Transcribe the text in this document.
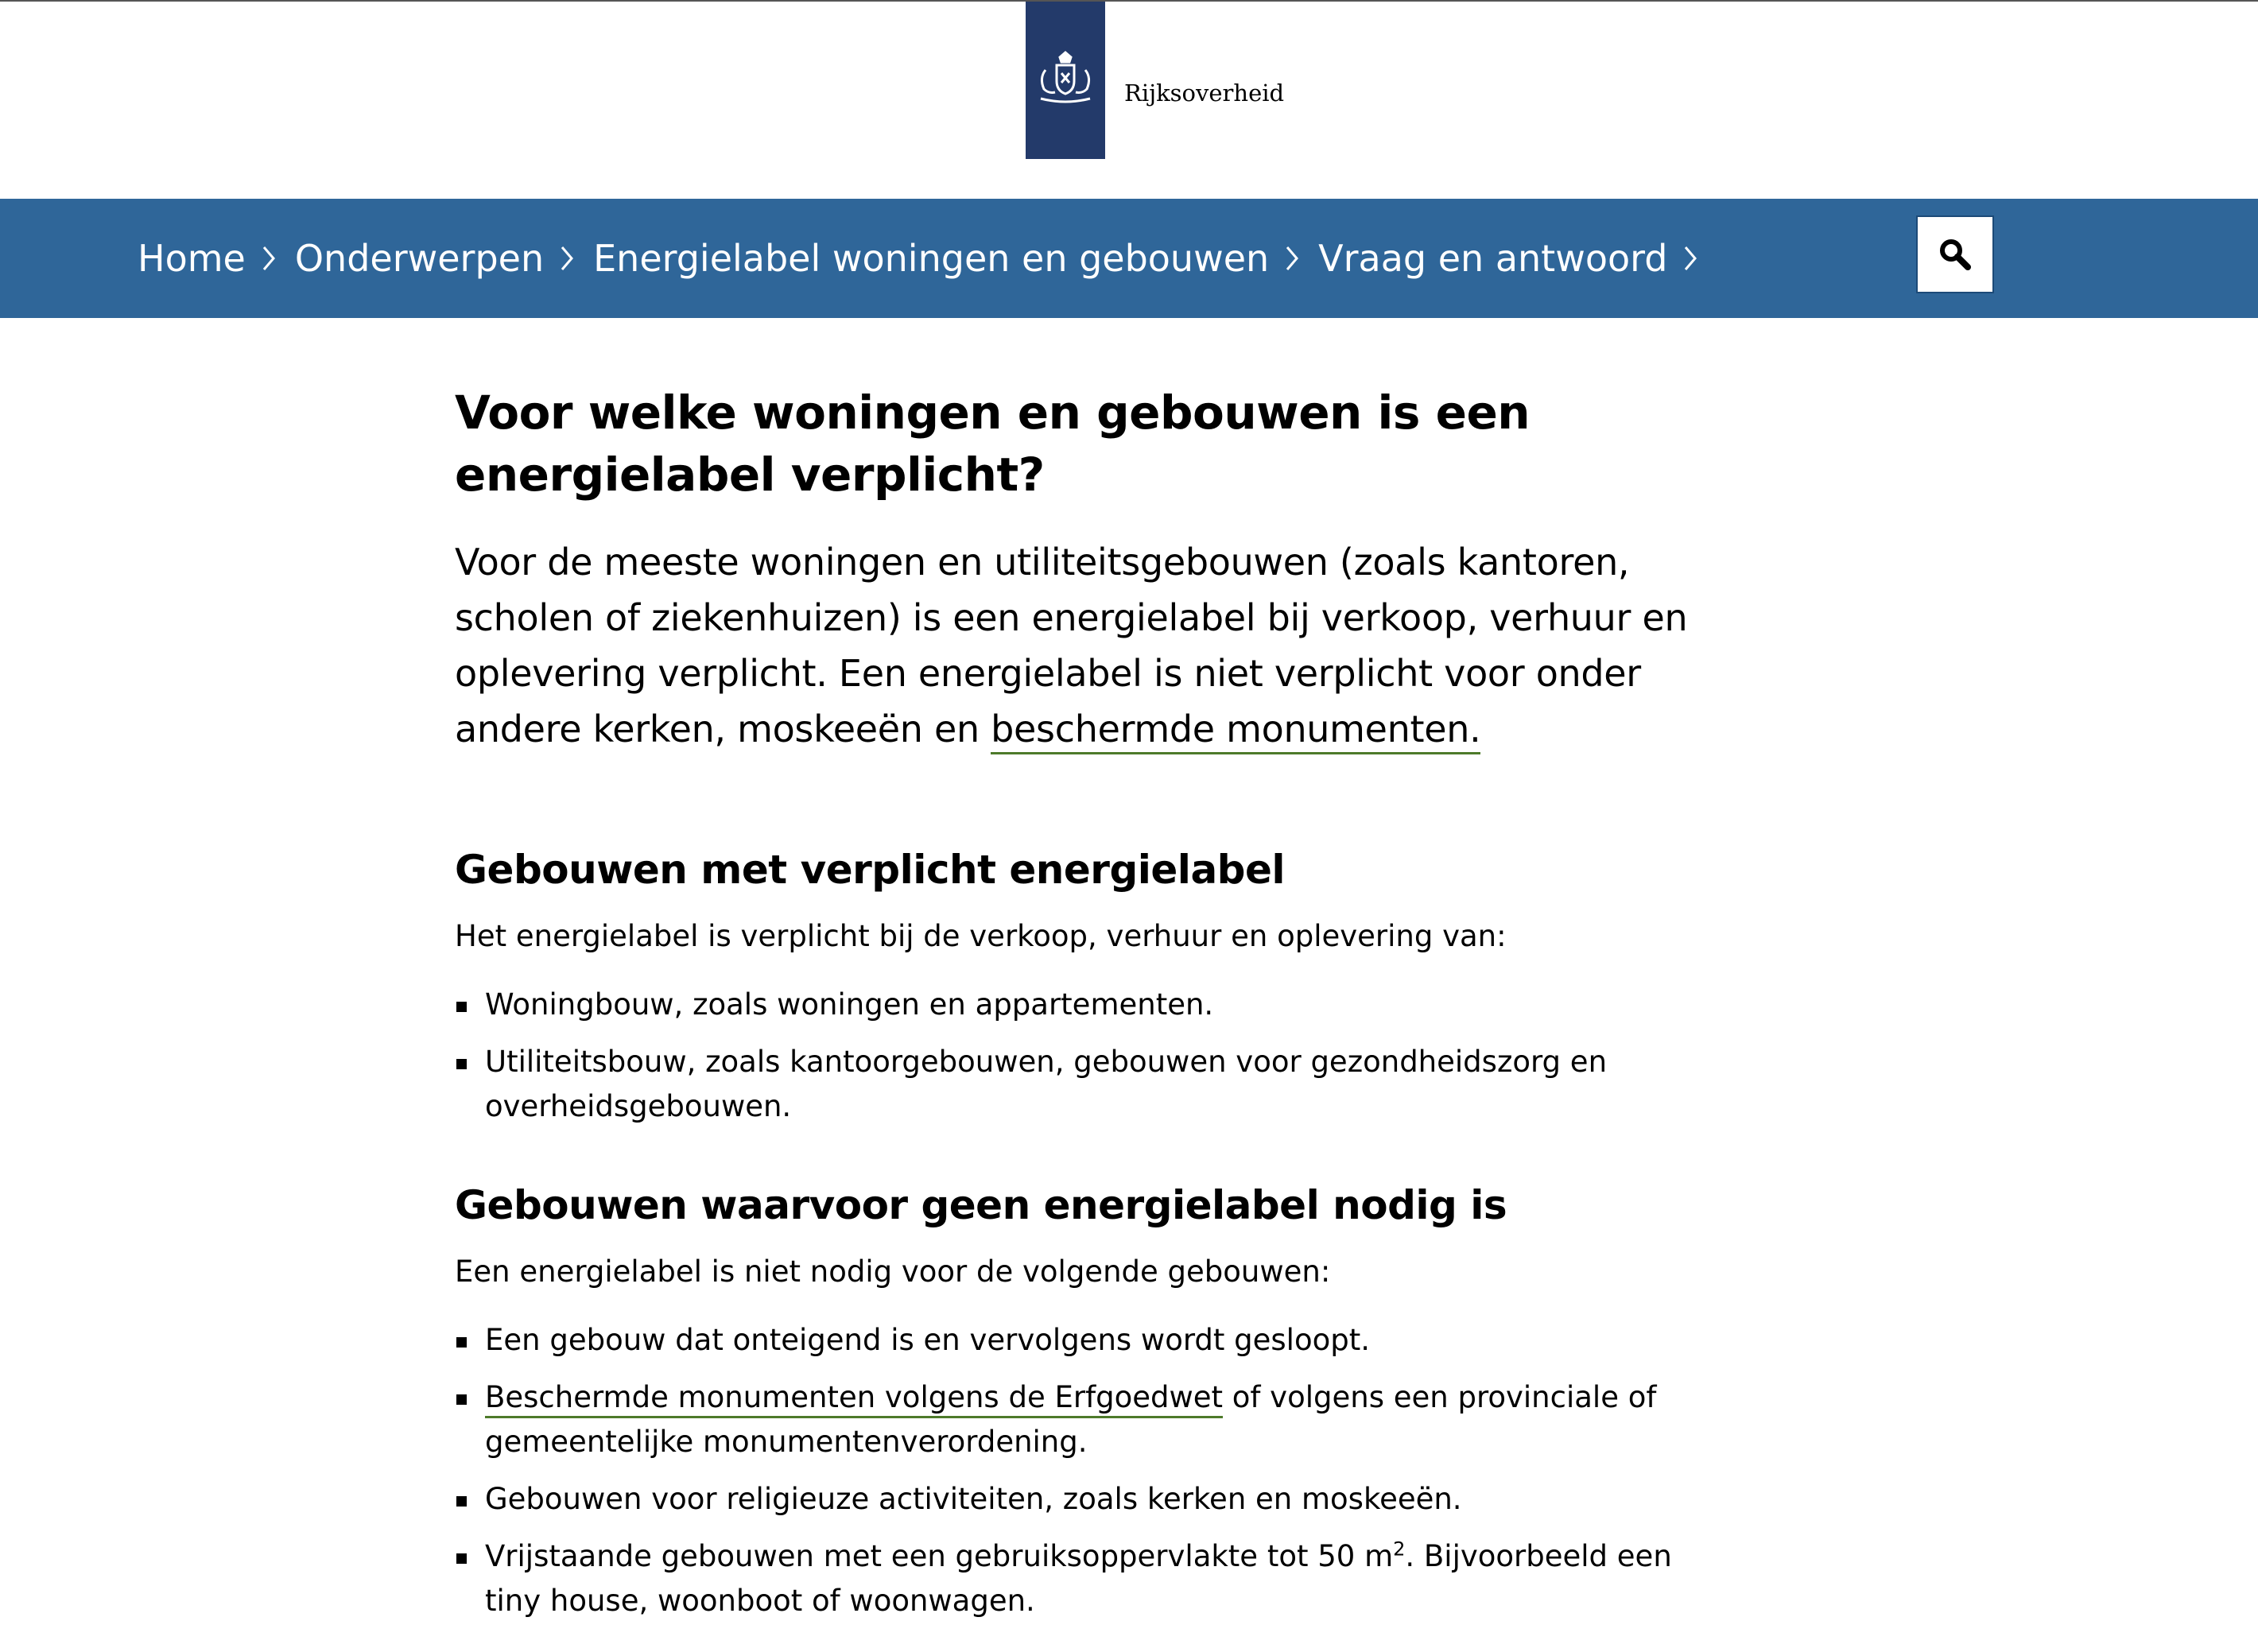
Rijksoverheid
Home Onderwerpen Energielabel woningen en gebouwen Vraag en antwoord
Voor welke woningen en gebouwen is een energielabel verplicht?

Voor de meeste woningen en utiliteitsgebouwen (zoals kantoren, scholen of ziekenhuizen) is een energielabel bij verkoop, verhuur en oplevering verplicht. Een energielabel is niet verplicht voor onder andere kerken, moskeeën en beschermde monumenten.

Gebouwen met verplicht energielabel

Het energielabel is verplicht bij de verkoop, verhuur en oplevering van:

Woningbouw, zoals woningen en appartementen.
Utiliteitsbouw, zoals kantoorgebouwen, gebouwen voor gezondheidszorg en overheidsgebouwen.
Gebouwen waarvoor geen energielabel nodig is

Een energielabel is niet nodig voor de volgende gebouwen:

Een gebouw dat onteigend is en vervolgens wordt gesloopt.
Beschermde monumenten volgens de Erfgoedwet of volgens een provinciale of gemeentelijke monumentenverordening.
Gebouwen voor religieuze activiteiten, zoals kerken en moskeeën.
Vrijstaande gebouwen met een gebruiksoppervlakte tot 50 $m^2$. Bijvoorbeeld een tiny house, woonboot of woonwagen.
